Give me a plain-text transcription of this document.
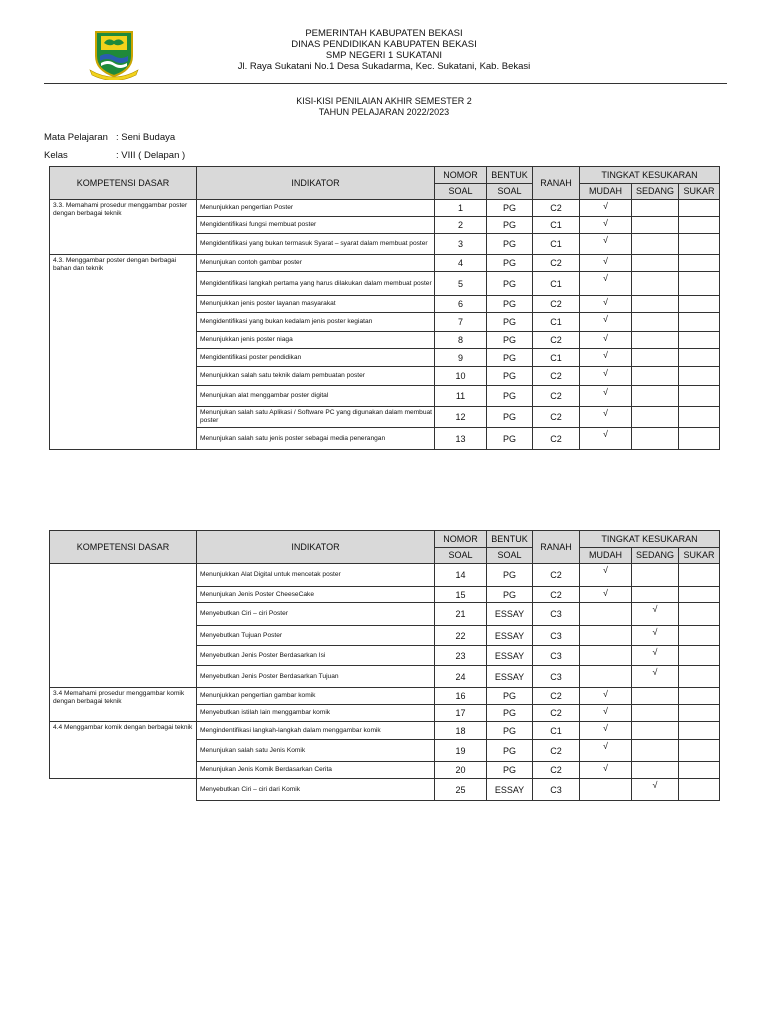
PEMERINTAH KABUPATEN BEKASI
DINAS PENDIDIKAN KABUPATEN BEKASI
SMP NEGERI 1 SUKATANI
Jl. Raya Sukatani No.1 Desa Sukadarma, Kec. Sukatani, Kab. Bekasi
KISI-KISI PENILAIAN AKHIR SEMESTER 2
TAHUN PELAJARAN 2022/2023
Mata Pelajaran : Seni Budaya
Kelas	: VIII ( Delapan )
KOMPETENSI DASAR	INDIKATOR	NOMOR	BENTUK	RANAH	TINGKAT KESUKARAN		
		SOAL	SOAL		MUDAH	SEDANG	SUKAR
3.3. Memahami prosedur menggambar poster dengan berbagai teknik	Menunjukkan pengertian Poster	1	PG	C2	√		
	Mengidentifikasi fungsi membuat poster	2	PG	C1	√		
	Mengidentifikasi yang bukan termasuk Syarat – syarat dalam membuat poster	3	PG	C1	√		
4.3. Menggambar poster dengan berbagai bahan dan teknik	Menunjukan contoh gambar poster	4	PG	C2	√		
	Mengidentifikasi langkah pertama yang harus dilakukan dalam membuat poster	5	PG	C1	√		
	Menunjukkan jenis poster layanan masyarakat	6	PG	C2	√		
	Mengidentifikasi yang bukan kedalam jenis poster kegiatan	7	PG	C1	√		
	Menunjukkan jenis poster niaga	8	PG	C2	√		
	Mengidentifikasi poster pendidikan	9	PG	C1	√		
	Menunjukkan salah satu teknik dalam pembuatan poster	10	PG	C2	√		
	Menunjukan alat menggambar poster digital	11	PG	C2	√		
	Menunjukan salah satu Aplikasi / Software PC yang digunakan dalam membuat poster	12	PG	C2	√		
	Menunjukan salah satu jenis poster sebagai media penerangan	13	PG	C2	√		
KOMPETENSI DASAR	INDIKATOR	NOMOR	BENTUK	RANAH	TINGKAT KESUKARAN		
		SOAL	SOAL		MUDAH	SEDANG	SUKAR
	Menunjukkan Alat Digital untuk mencetak poster	14	PG	C2	√		
	Menunjukan Jenis Poster CheeseCake	15	PG	C2	√		
	Menyebutkan Ciri – ciri Poster	21	ESSAY	C3		√	
	Menyebutkan Tujuan Poster	22	ESSAY	C3		√	
	Menyebutkan Jenis Poster Berdasarkan Isi	23	ESSAY	C3		√	
	Menyebutkan Jenis Poster Berdasarkan Tujuan	24	ESSAY	C3		√	
3.4 Memahami prosedur menggambar komik dengan berbagai teknik	Menunjukkan pengertian gambar komik	16	PG	C2	√		
	Menyebutkan istilah lain menggambar komik	17	PG	C2	√		
4.4 Menggambar komik dengan berbagai teknik	Mengindentifikasi langkah-langkah dalam menggambar komik	18	PG	C1	√		
	Menunjukan salah satu Jenis Komik	19	PG	C2	√		
	Menunjukan Jenis Komik Berdasarkan Cerita	20	PG	C2	√		
	Menyebutkan Ciri – ciri dari Komik	25	ESSAY	C3		√	
